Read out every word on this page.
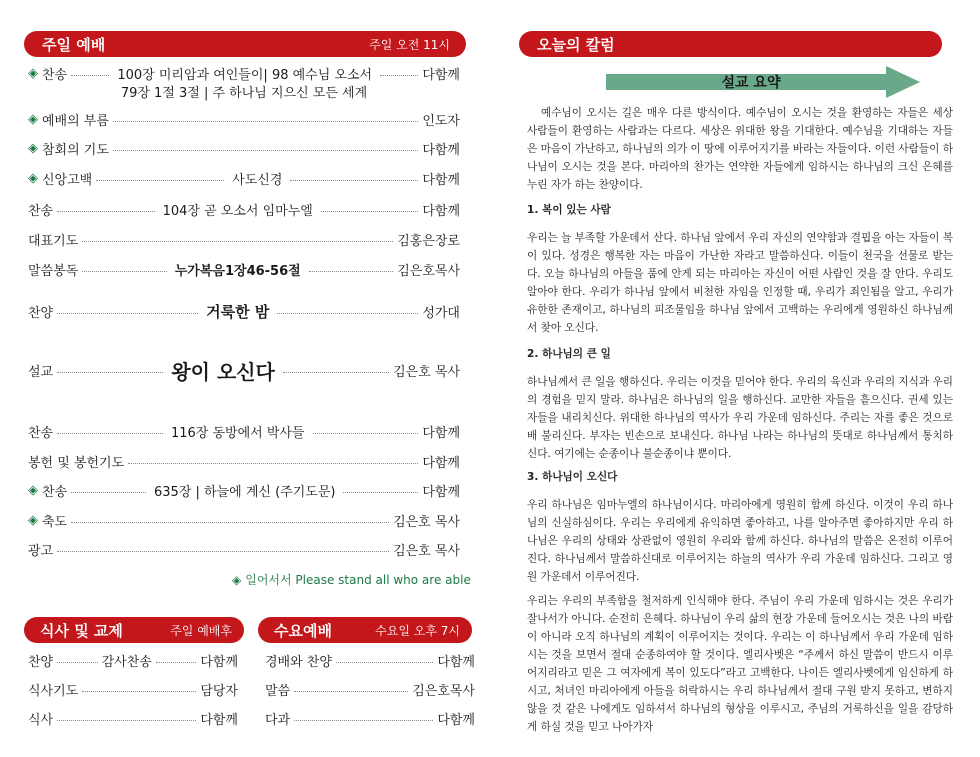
주일 예배	주일 오전 11시
◈ 찬송	100장 미리암과 여인들이| 98 예수님 오소서	다함께
79장 1절 3절 | 주 하나님 지으신 모든 세계
◈ 예배의 부름	인도자
◈ 참회의 기도	다함께
◈ 신앙고백	사도신경	다함께
찬송	104장 곧 오소서 임마누엘	다함께
대표기도	김홍은장로
말씀봉독	누가복음1장46-56절	김은호목사
찬양	거룩한 밤	성가대
설교	왕이 오신다	김은호 목사
찬송	116장 동방에서 박사들	다함께
봉헌 및 봉헌기도	다함께
◈ 찬송	635장 | 하늘에 계신 (주기도문)	다함께
◈ 축도	김은호 목사
광고	김은호 목사
◈ 일어서서 Please stand all who are able
식사 및 교제	주일 예배후
찬양	감사찬송	다함께
식사기도	담당자
식사	다함께
수요예배	수요일 오후 7시
경배와 찬양	다함께
말씀	김은호목사
다과	다함께
오늘의 칼럼
설교 요약

예수님이 오시는 길은 매우 다른 방식이다. 예수님이 오시는 것을 환영하는 자들은 세상 사람들이 환영하는 사람과는 다르다. 세상은 위대한 왕을 기대한다. 예수님을 기대하는 자들은 마음이 가난하고, 하나님의 의가 이 땅에 이루어지기를 바라는 자들이다. 이런 사람들이 하나님이 오시는 것을 본다. 마리아의 찬가는 연약한 자들에게 임하시는 하나님의 크신 은혜를 누린 자가 하는 찬양이다.

1. 복이 있는 사람

우리는 늘 부족할 가운데서 산다. 하나님 앞에서 우리 자신의 연약함과 결핍을 아는 자들이 복이 있다. 성경은 행복한 자는 마음이 가난한 자라고 말씀하신다. 이들이 천국을 선물로 받는다. 오늘 하나님의 아들을 품에 안게 되는 마리아는 자신이 어떤 사람인 것을 잘 안다. 우리도 알아야 한다. 우리가 하나님 앞에서 비천한 자임을 인정할 때, 우리가 죄인됨을 알고, 우리가 유한한 존재이고, 하나님의 피조물임을 하나님 앞에서 고백하는 우리에게 영원하신 하나님께서 찾아 오신다.

2. 하나님의 큰 일

하나님께서 큰 일을 행하신다. 우리는 이것을 믿어야 한다. 우리의 육신과 우리의 지식과 우리의 경험을 믿지 말라. 하나님은 하나님의 일을 행하신다. 교만한 자들을 흩으신다. 권세 있는 자들을 내리치신다. 위대한 하나님의 역사가 우리 가운데 임하신다. 주리는 자를 좋은 것으로 배 불리신다. 부자는 빈손으로 보내신다. 하나님 나라는 하나님의 뜻대로 하나님께서 통치하신다. 여기에는 순종이나 불순종이냐 뿐이다.

3. 하나님이 오신다

우리 하나님은 임마누엘의 하나님이시다. 마리아에게 영원히 함께 하신다. 이것이 우리 하나님의 신실하심이다. 우리는 우리에게 유익하면 좋아하고, 나를 알아주면 좋아하지만 우리 하나님은 우리의 상태와 상관없이 영원히 우리와 함께 하신다. 하나님의 말씀은 온전히 이루어진다. 하나님께서 말씀하신대로 이루어지는 하늘의 역사가 우리 가운데 임하신다. 그리고 영원 가운데서 이루어진다.

우리는 우리의 부족함을 철저하게 인식해야 한다. 주님이 우리 가운데 임하시는 것은 우리가 잘나서가 아니다. 순전히 은혜다. 하나님이 우리 삶의 현장 가운데 들어오시는 것은 나의 바람이 아니라 오직 하나님의 계획이 이루어지는 것이다. 우리는 이 하나님께서 우리 가운데 임하시는 것을 보면서 절대 순종하여야 할 것이다. 엘리사벳은 “주께서 하신 말씀이 반드시 이루어지리라고 믿은 그 여자에게 복이 있도다”라고 고백한다. 나이든 엘리사벳에게 임신하게 하시고, 처녀인 마리아에게 아들을 허락하시는 우리 하나님께서 절대 구원 받지 못하고, 변하지 않을 것 같은 나에게도 임하셔서 하나님의 형상을 이루시고, 주님의 거룩하신을 일을 감당하게 하실 것을 믿고 나아가자
